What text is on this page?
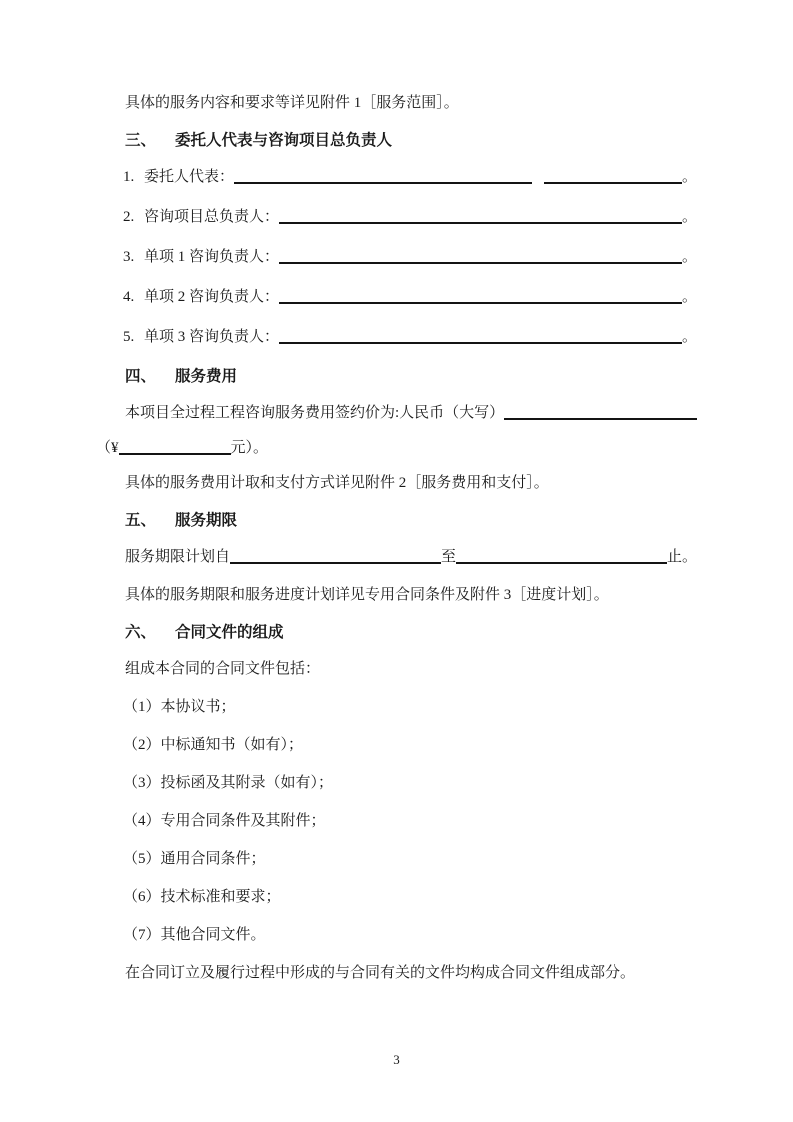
具体的服务内容和要求等详见附件 1［服务范围］。
三、 委托人代表与咨询项目总负责人
1. 委托人代表：	。
2. 咨询项目总负责人：	。
3. 单项 1 咨询负责人：	。
4. 单项 2 咨询负责人：	。
5. 单项 3 咨询负责人：	。
四、 服务费用
本项目全过程工程咨询服务费用签约价为:人民币（大写）
（¥	元）。
具体的服务费用计取和支付方式详见附件 2［服务费用和支付］。
五、 服务期限
服务期限计划自	至	止。
具体的服务期限和服务进度计划详见专用合同条件及附件 3［进度计划］。
六、 合同文件的组成
组成本合同的合同文件包括：
（1）本协议书；
（2）中标通知书（如有）；
（3）投标函及其附录（如有）；
（4）专用合同条件及其附件；
（5）通用合同条件；
（6）技术标准和要求；
（7）其他合同文件。
在合同订立及履行过程中形成的与合同有关的文件均构成合同文件组成部分。
3
